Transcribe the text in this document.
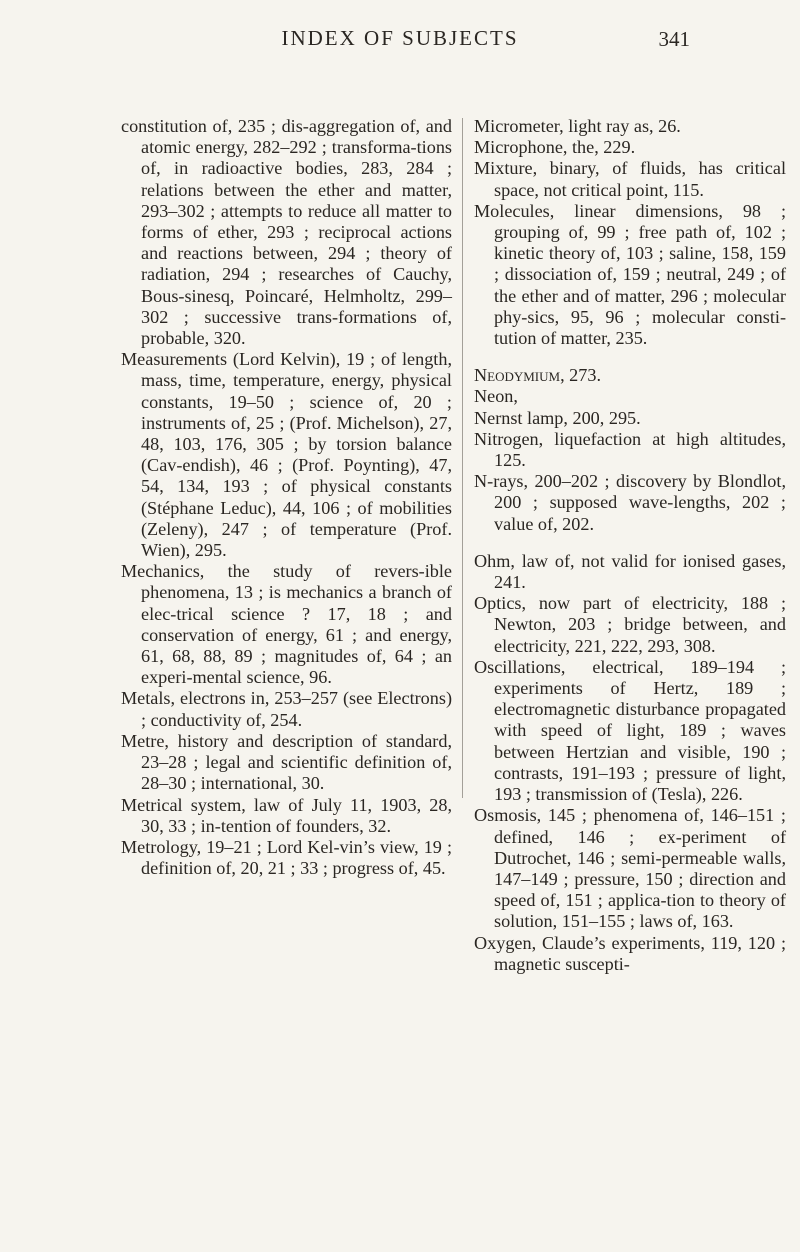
INDEX OF SUBJECTS	341

constitution of, 235 ; dis-aggregation of, and atomic energy, 282–292 ; transforma-tions of, in radioactive bodies, 283, 284 ; relations between the ether and matter, 293–302 ; attempts to reduce all matter to forms of ether, 293 ; reciprocal actions and reactions between, 294 ; theory of radiation, 294 ; researches of Cauchy, Bous-sinesq, Poincaré, Helmholtz, 299–302 ; successive trans-formations of, probable, 320.

Measurements (Lord Kelvin), 19 ; of length, mass, time, temperature, energy, physical constants, 19–50 ; science of, 20 ; instruments of, 25 ; (Prof. Michelson), 27, 48, 103, 176, 305 ; by torsion balance (Cav-endish), 46 ; (Prof. Poynting), 47, 54, 134, 193 ; of physical constants (Stéphane Leduc), 44, 106 ; of mobilities (Zeleny), 247 ; of temperature (Prof. Wien), 295.

Mechanics, the study of revers-ible phenomena, 13 ; is mechanics a branch of elec-trical science ? 17, 18 ; and conservation of energy, 61 ; and energy, 61, 68, 88, 89 ; magnitudes of, 64 ; an experi-mental science, 96.

Metals, electrons in, 253–257 (see Electrons) ; conductivity of, 254.

Metre, history and description of standard, 23–28 ; legal and scientific definition of, 28–30 ; international, 30.

Metrical system, law of July 11, 1903, 28, 30, 33 ; in-tention of founders, 32.

Metrology, 19–21 ; Lord Kel-vin’s view, 19 ; definition of, 20, 21 ; 33 ; progress of, 45.

Micrometer, light ray as, 26.

Microphone, the, 229.

Mixture, binary, of fluids, has critical space, not critical point, 115.

Molecules, linear dimensions, 98 ; grouping of, 99 ; free path of, 102 ; kinetic theory of, 103 ; saline, 158, 159 ; dissociation of, 159 ; neutral, 249 ; of the ether and of matter, 296 ; molecular phy-sics, 95, 96 ; molecular consti-tution of matter, 235.

Neodymium, 273.

Neon,

Nernst lamp, 200, 295.

Nitrogen, liquefaction at high altitudes, 125.

N-rays, 200–202 ; discovery by Blondlot, 200 ; supposed wave-lengths, 202 ; value of, 202.

Ohm, law of, not valid for ionised gases, 241.

Optics, now part of electricity, 188 ; Newton, 203 ; bridge between, and electricity, 221, 222, 293, 308.

Oscillations, electrical, 189–194 ; experiments of Hertz, 189 ; electromagnetic disturbance propagated with speed of light, 189 ; waves between Hertzian and visible, 190 ; contrasts, 191–193 ; pressure of light, 193 ; transmission of (Tesla), 226.

Osmosis, 145 ; phenomena of, 146–151 ; defined, 146 ; ex-periment of Dutrochet, 146 ; semi-permeable walls, 147–149 ; pressure, 150 ; direction and speed of, 151 ; applica-tion to theory of solution, 151–155 ; laws of, 163.

Oxygen, Claude’s experiments, 119, 120 ; magnetic suscepti-
